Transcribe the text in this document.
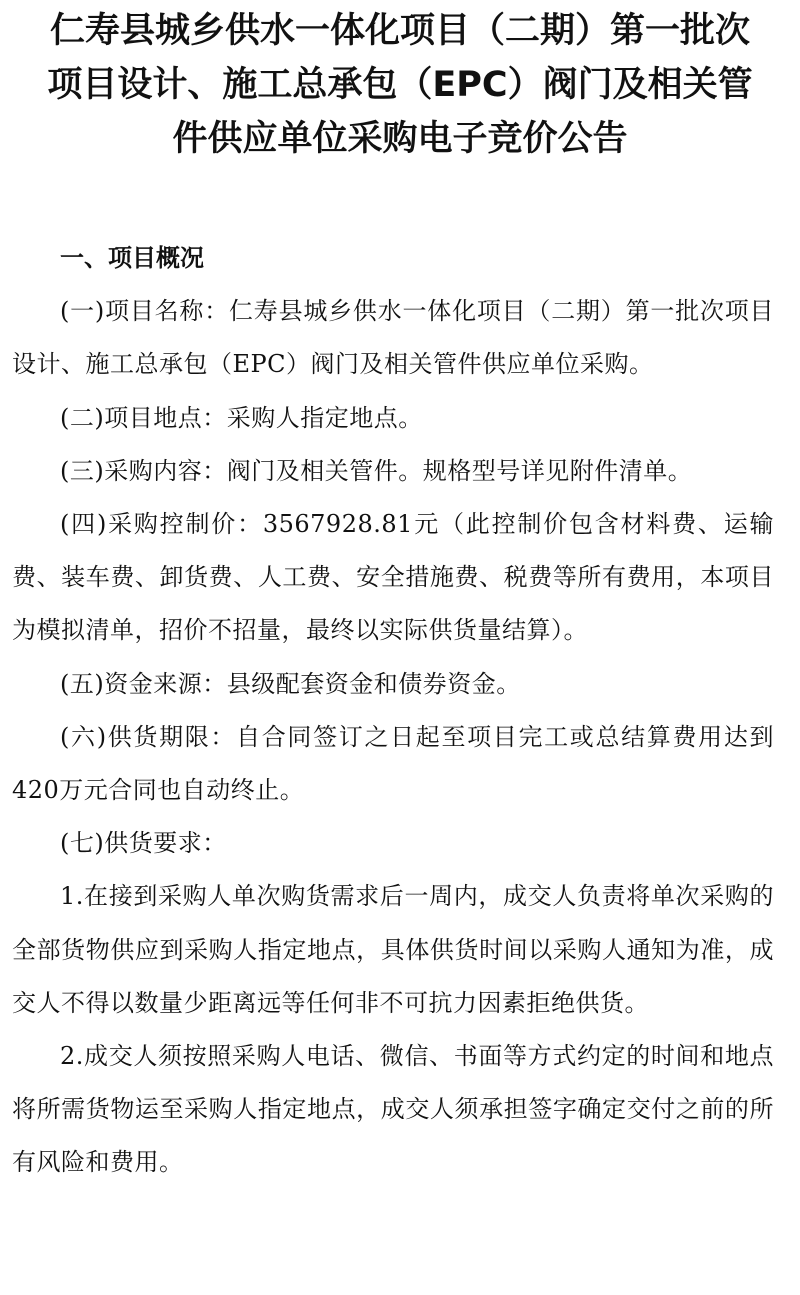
仁寿县城乡供水一体化项目（二期）第一批次
项目设计、施工总承包（EPC）阀门及相关管
件供应单位采购电子竞价公告
一、项目概况

(一)项目名称：仁寿县城乡供水一体化项目（二期）第一批次项目设计、施工总承包（EPC）阀门及相关管件供应单位采购。

(二)项目地点：采购人指定地点。

(三)采购内容：阀门及相关管件。规格型号详见附件清单。

(四)采购控制价：3567928.81元（此控制价包含材料费、运输费、装车费、卸货费、人工费、安全措施费、税费等所有费用，本项目为模拟清单，招价不招量，最终以实际供货量结算）。

(五)资金来源：县级配套资金和债券资金。

(六)供货期限：自合同签订之日起至项目完工或总结算费用达到420万元合同也自动终止。

(七)供货要求：

1.在接到采购人单次购货需求后一周内，成交人负责将单次采购的全部货物供应到采购人指定地点，具体供货时间以采购人通知为准，成交人不得以数量少距离远等任何非不可抗力因素拒绝供货。

2.成交人须按照采购人电话、微信、书面等方式约定的时间和地点将所需货物运至采购人指定地点，成交人须承担签字确定交付之前的所有风险和费用。
